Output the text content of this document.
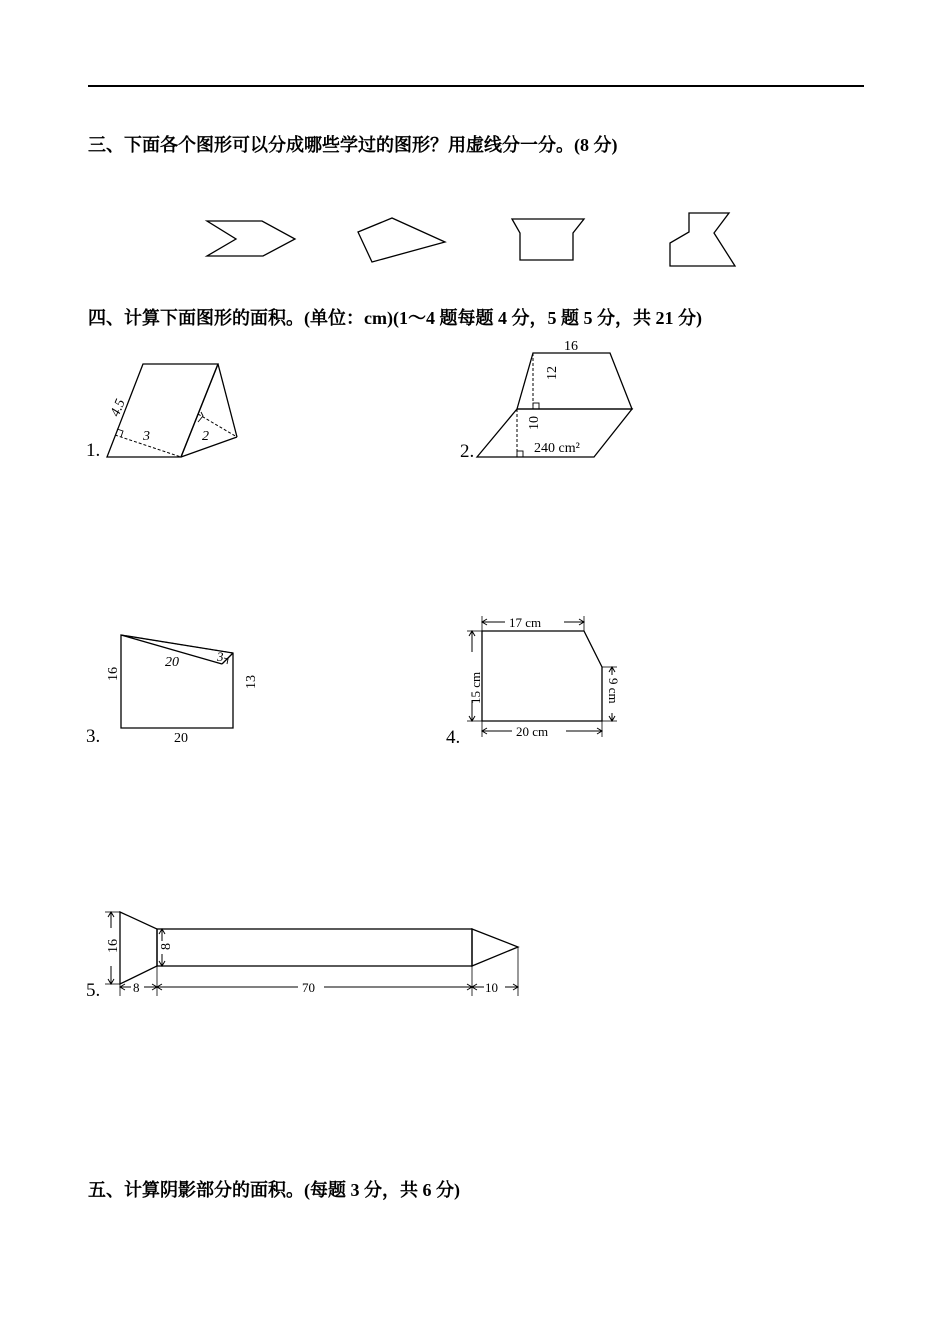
三、下面各个图形可以分成哪些学过的图形？用虚线分一分。(8 分)
四、计算下面图形的面积。(单位：cm)(1～4 题每题 4 分，5 题 5 分，共 21 分)
1.
4.5
3	2
2.
16
12
10
240 cm²
3.
16
20	3
13
20	4.
17 cm
15 cm	9 cm
20 cm
5.
16	8
8	70	10
五、计算阴影部分的面积。(每题 3 分，共 6 分)
